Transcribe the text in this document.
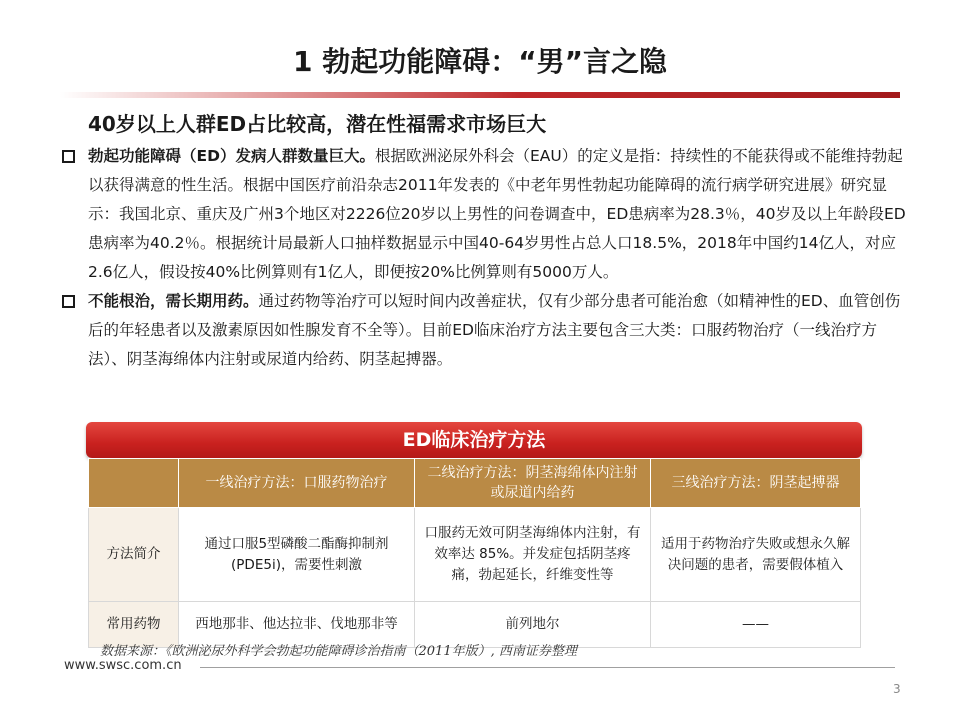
1 勃起功能障碍：“男”言之隐
40岁以上人群ED占比较高，潜在性福需求市场巨大
勃起功能障碍（ED）发病人群数量巨大。根据欧洲泌尿外科会（EAU）的定义是指：持续性的不能获得或不能维持勃起以获得满意的性生活。根据中国医疗前沿杂志2011年发表的《中老年男性勃起功能障碍的流行病学研究进展》研究显示：我国北京、重庆及广州3个地区对2226位20岁以上男性的问卷调查中，ED患病率为28.3％，40岁及以上年龄段ED患病率为40.2％。根据统计局最新人口抽样数据显示中国40-64岁男性占总人口18.5%，2018年中国约14亿人，对应2.6亿人，假设按40%比例算则有1亿人，即便按20%比例算则有5000万人。
不能根治，需长期用药。通过药物等治疗可以短时间内改善症状，仅有少部分患者可能治愈（如精神性的ED、血管创伤后的年轻患者以及激素原因如性腺发育不全等）。目前ED临床治疗方法主要包含三大类：口服药物治疗（一线治疗方法）、阴茎海绵体内注射或尿道内给药、阴茎起搏器。
ED临床治疗方法
	一线治疗方法：口服药物治疗	二线治疗方法：阴茎海绵体内注射或尿道内给药	三线治疗方法：阴茎起搏器
方法简介	通过口服5型磷酸二酯酶抑制剂(PDE5i)，需要性刺激	口服药无效可阴茎海绵体内注射，有效率达 85%。并发症包括阴茎疼痛，勃起延长，纤维变性等	适用于药物治疗失败或想永久解决问题的患者，需要假体植入
常用药物	西地那非、他达拉非、伐地那非等	前列地尔	——
数据来源：《欧洲泌尿外科学会勃起功能障碍诊治指南（2011年版）, 西南证券整理
www.swsc.com.cn
3
